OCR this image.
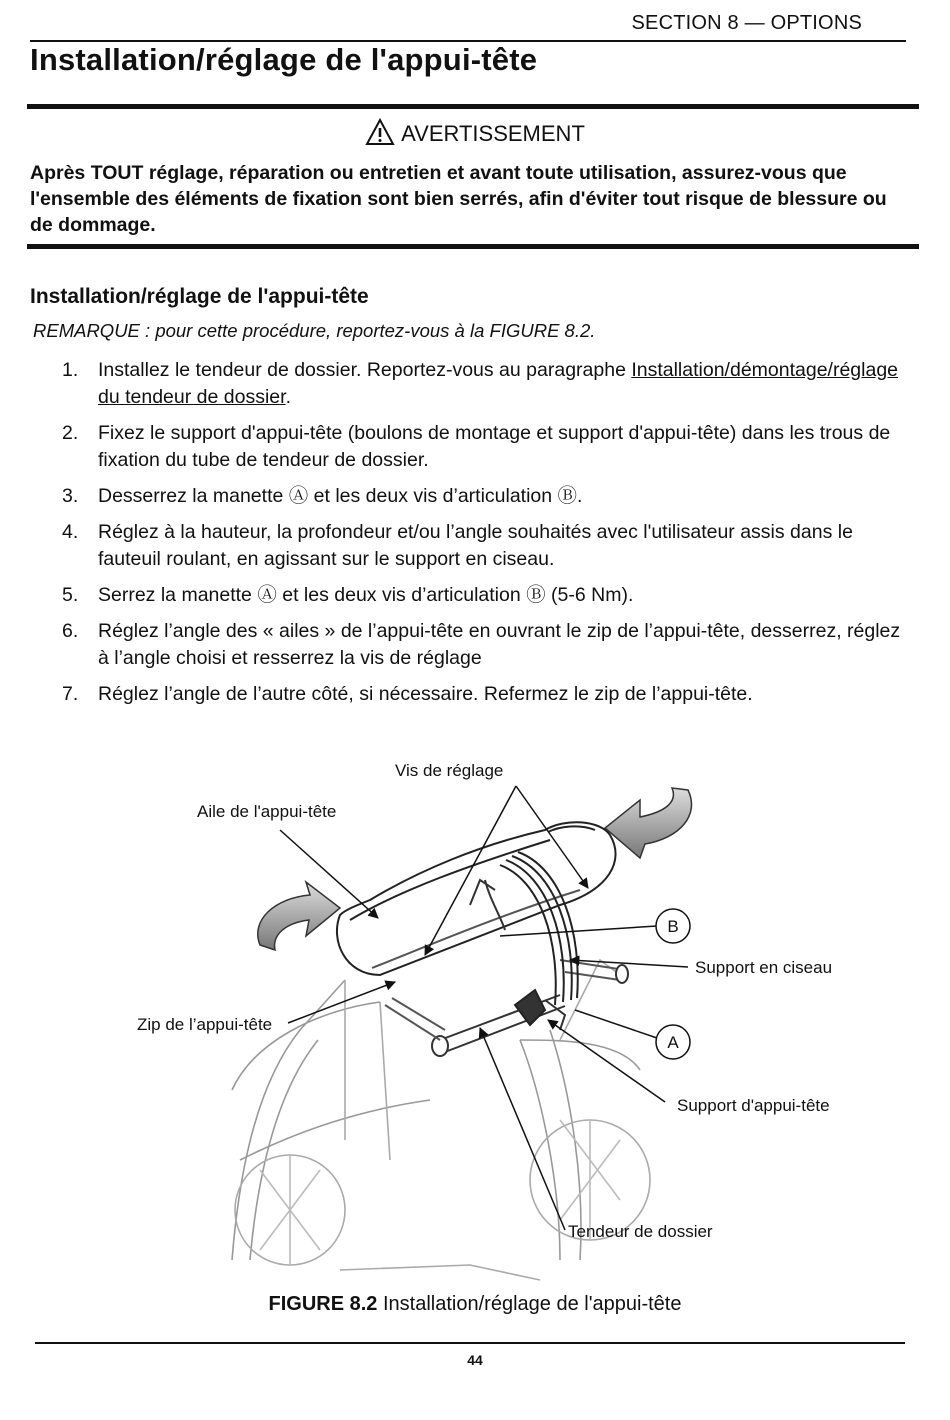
SECTION 8 — OPTIONS
Installation/réglage de l'appui-tête
AVERTISSEMENT
Après TOUT réglage, réparation ou entretien et avant toute utilisation, assurez-vous que l'ensemble des éléments de fixation sont bien serrés, afin d'éviter tout risque de blessure ou de dommage.
Installation/réglage de l'appui-tête
REMARQUE : pour cette procédure, reportez-vous à la FIGURE 8.2.
1. Installez le tendeur de dossier. Reportez-vous au paragraphe Installation/démontage/réglage du tendeur de dossier.
2. Fixez le support d'appui-tête (boulons de montage et support d'appui-tête) dans les trous de fixation du tube de tendeur de dossier.
3. Desserrez la manette Ⓐ et les deux vis d’articulation Ⓑ.
4. Réglez à la hauteur, la profondeur et/ou l’angle souhaités avec l'utilisateur assis dans le fauteuil roulant, en agissant sur le support en ciseau.
5. Serrez la manette Ⓐ et les deux vis d’articulation Ⓑ (5-6 Nm).
6. Réglez l’angle des « ailes » de l’appui-tête en ouvrant le zip de l’appui-tête, desserrez, réglez à l’angle choisi et resserrez la vis de réglage
7. Réglez l’angle de l’autre côté, si nécessaire. Refermez le zip de l’appui-tête.
Vis de réglage
Aile de l'appui-tête
B
Support en ciseau
Zip de l’appui-tête
A
Support d'appui-tête
Tendeur de dossier
FIGURE 8.2 Installation/réglage de l'appui-tête
44
